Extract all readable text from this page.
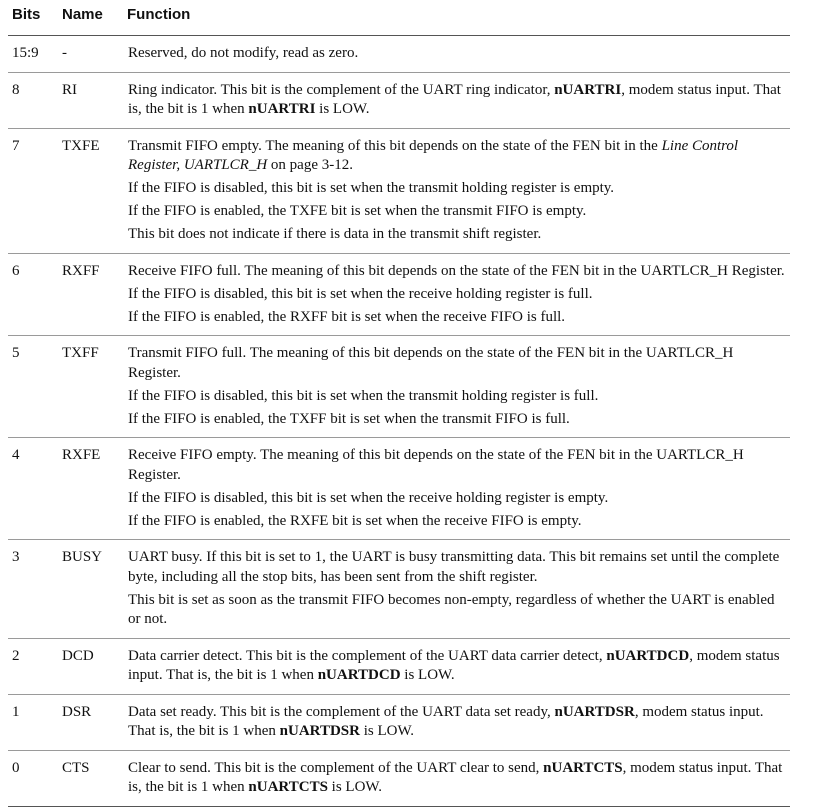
Bits	Name	Function
15:9	-	Reserved, do not modify, read as zero.

8	RI	Ring indicator. This bit is the complement of the UART ring indicator, nUARTRI, modem status input. That is, the bit is 1 when nUARTRI is LOW.

7	TXFE	Transmit FIFO empty. The meaning of this bit depends on the state of the FEN bit in the Line Control Register, UARTLCR_H on page 3-12.

If the FIFO is disabled, this bit is set when the transmit holding register is empty.

If the FIFO is enabled, the TXFE bit is set when the transmit FIFO is empty.

This bit does not indicate if there is data in the transmit shift register.

6	RXFF	Receive FIFO full. The meaning of this bit depends on the state of the FEN bit in the UARTLCR_H Register.

If the FIFO is disabled, this bit is set when the receive holding register is full.

If the FIFO is enabled, the RXFF bit is set when the receive FIFO is full.

5	TXFF	Transmit FIFO full. The meaning of this bit depends on the state of the FEN bit in the UARTLCR_H Register.

If the FIFO is disabled, this bit is set when the transmit holding register is full.

If the FIFO is enabled, the TXFF bit is set when the transmit FIFO is full.

4	RXFE	Receive FIFO empty. The meaning of this bit depends on the state of the FEN bit in the UARTLCR_H Register.

If the FIFO is disabled, this bit is set when the receive holding register is empty.

If the FIFO is enabled, the RXFE bit is set when the receive FIFO is empty.

3	BUSY	UART busy. If this bit is set to 1, the UART is busy transmitting data. This bit remains set until the complete byte, including all the stop bits, has been sent from the shift register.

This bit is set as soon as the transmit FIFO becomes non-empty, regardless of whether the UART is enabled or not.

2	DCD	Data carrier detect. This bit is the complement of the UART data carrier detect, nUARTDCD, modem status input. That is, the bit is 1 when nUARTDCD is LOW.

1	DSR	Data set ready. This bit is the complement of the UART data set ready, nUARTDSR, modem status input. That is, the bit is 1 when nUARTDSR is LOW.

0	CTS	Clear to send. This bit is the complement of the UART clear to send, nUARTCTS, modem status input. That is, the bit is 1 when nUARTCTS is LOW.
